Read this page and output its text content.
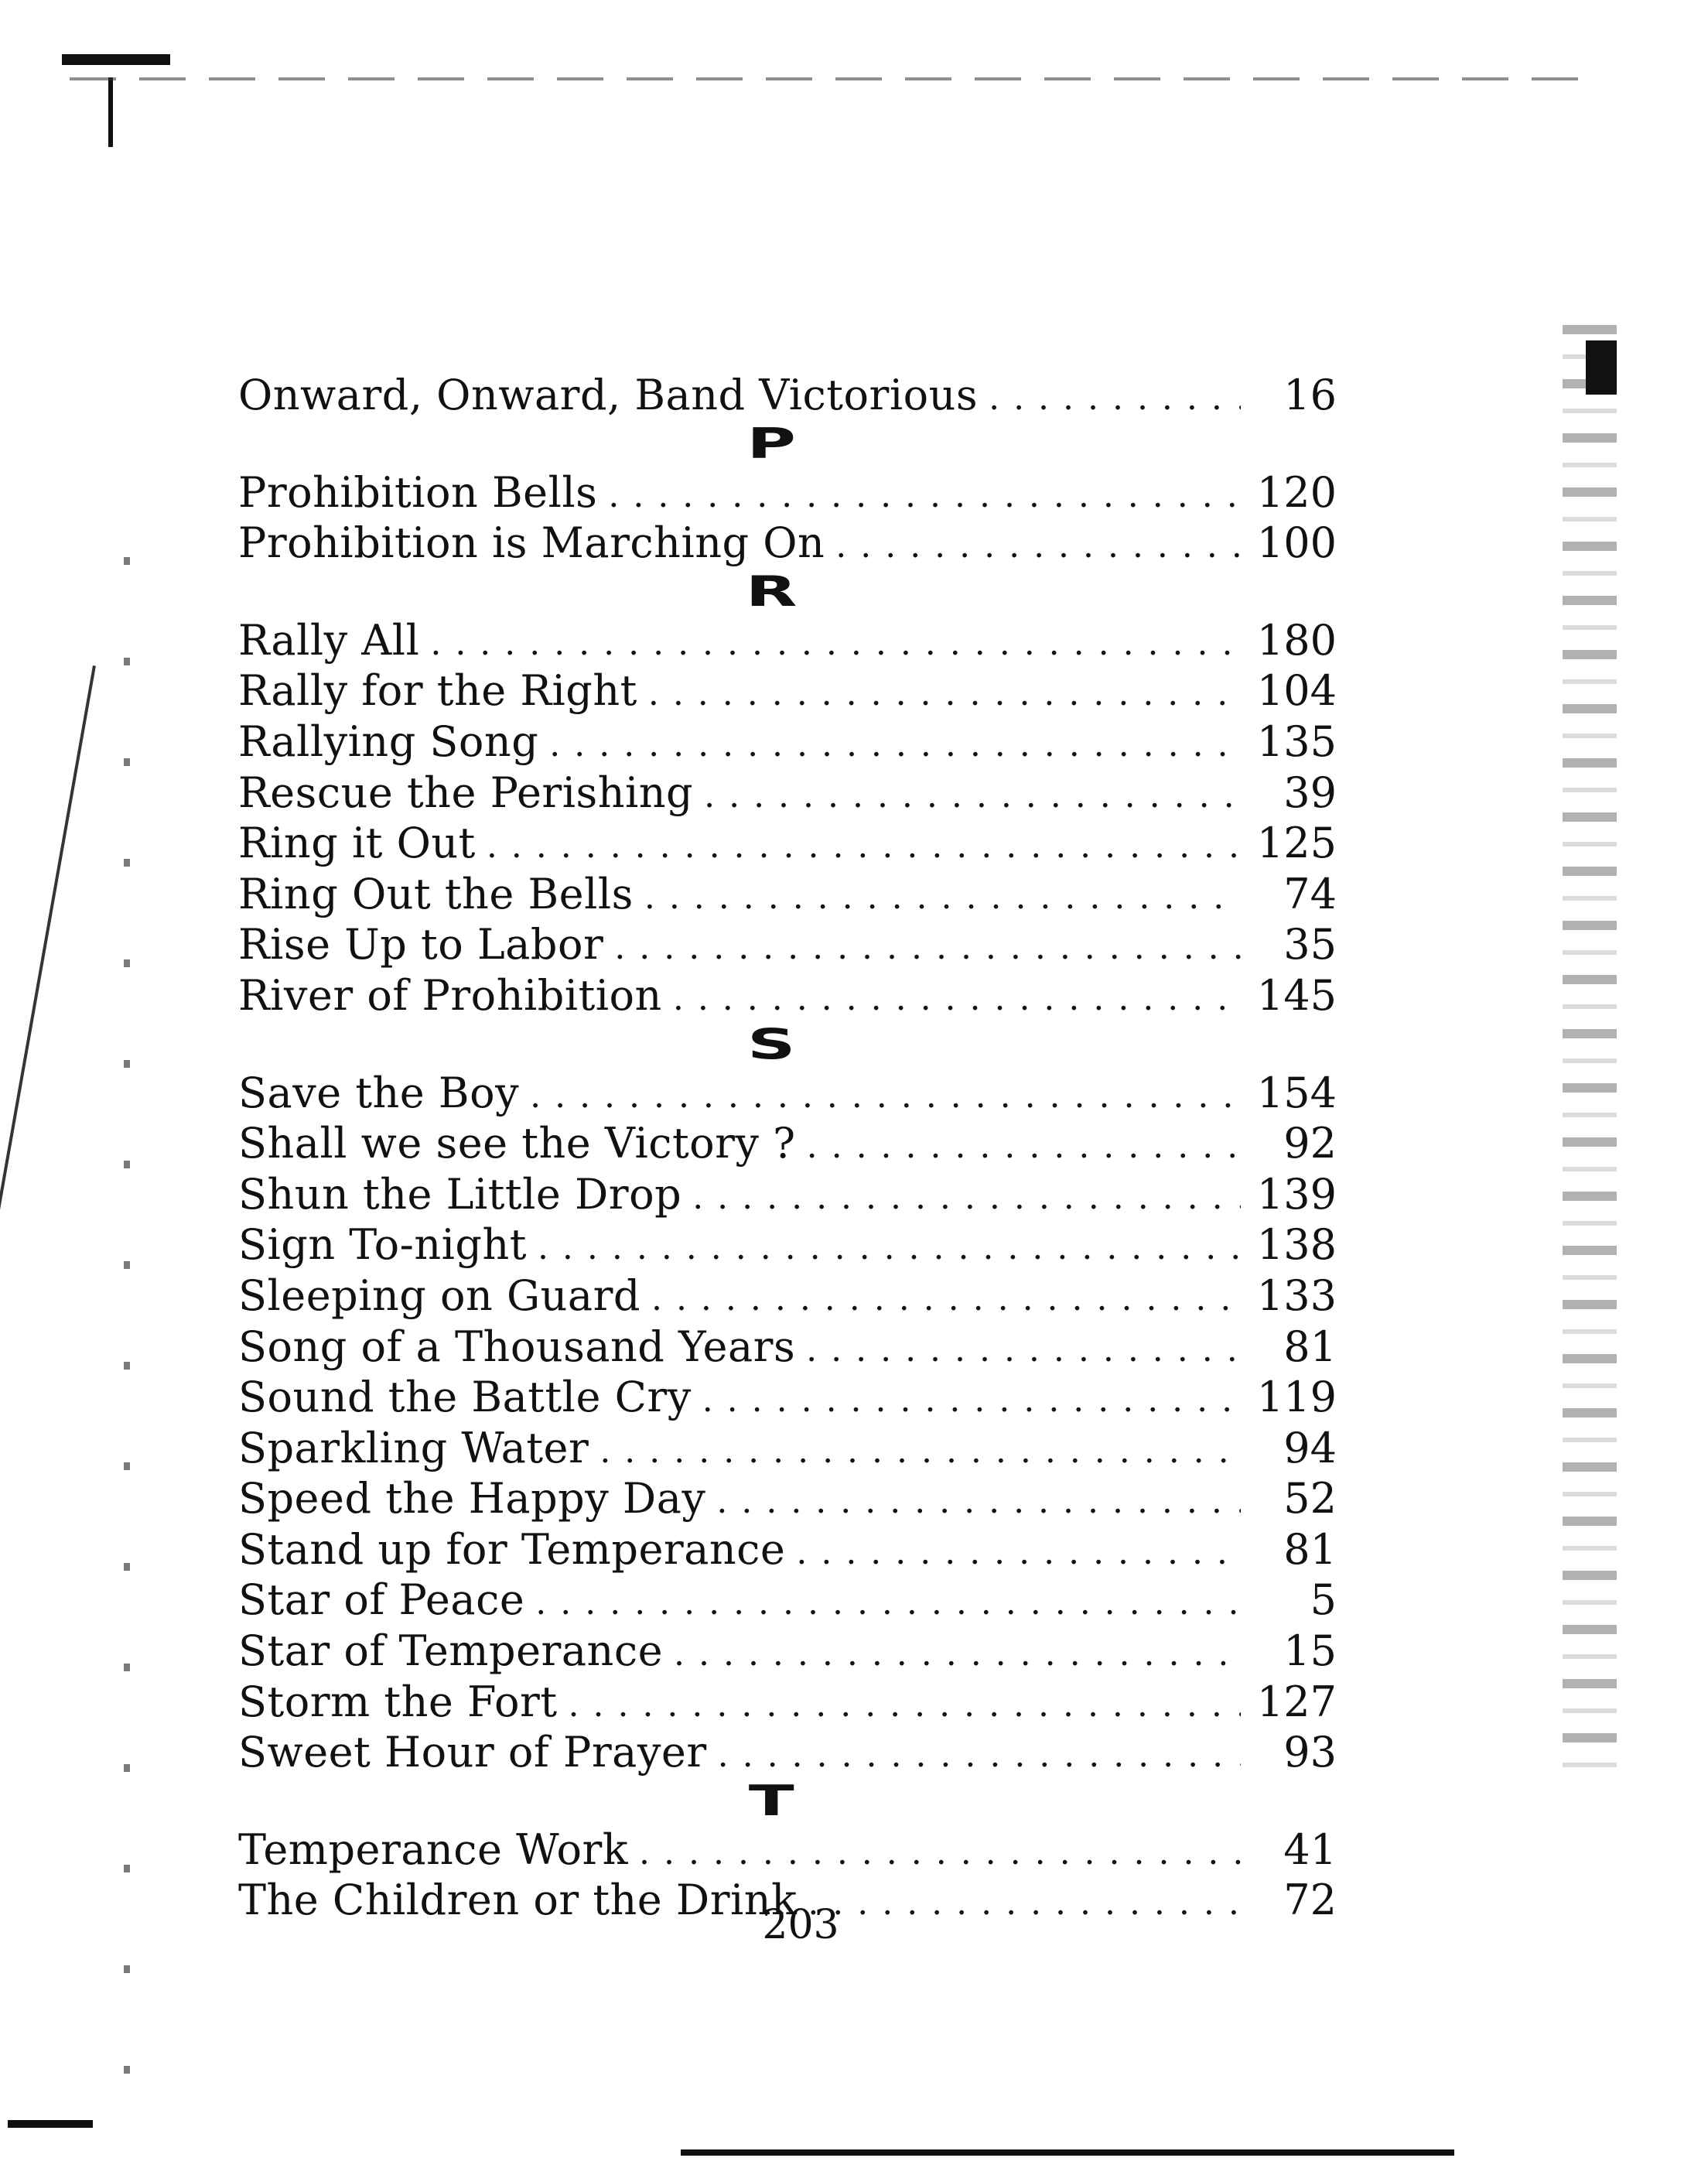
Onward, Onward, Band Victorious . . .	16
P
Prohibition Bells . . .	120
Prohibition is Marching On . . .	100
R
Rally All . . .	180
Rally for the Right . . .	104
Rallying Song . . .	135
Rescue the Perishing . . .	39
Ring it Out . . .	125
Ring Out the Bells . . .	74
Rise Up to Labor . . .	35
River of Prohibition . . .	145
S
Save the Boy . . .	154
Shall we see the Victory ? . . .	92
Shun the Little Drop . . .	139
Sign To-night . . .	138
Sleeping on Guard . . .	133
Song of a Thousand Years . . .	81
Sound the Battle Cry . . .	119
Sparkling Water . . .	94
Speed the Happy Day . . .	52
Stand up for Temperance . . .	81
Star of Peace . . .	5
Star of Temperance . . .	15
Storm the Fort . . .	127
Sweet Hour of Prayer . . .	93
T
Temperance Work . . .	41
The Children or the Drink . . .	72
203
